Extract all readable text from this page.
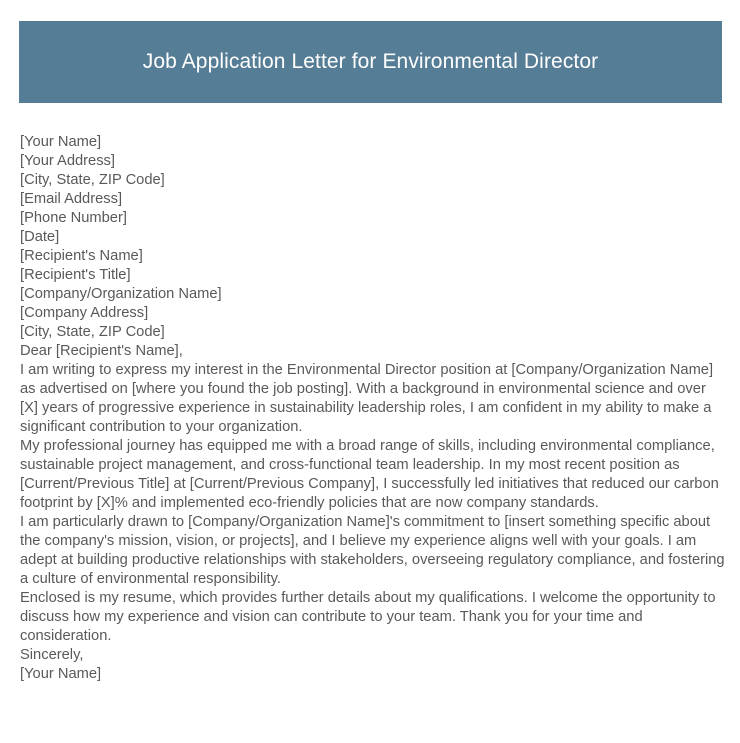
Job Application Letter for Environmental Director
[Your Name]
[Your Address]
[City, State, ZIP Code]
[Email Address]
[Phone Number]
[Date]
[Recipient's Name]
[Recipient's Title]
[Company/Organization Name]
[Company Address]
[City, State, ZIP Code]
Dear [Recipient's Name],

I am writing to express my interest in the Environmental Director position at [Company/Organization Name] as advertised on [where you found the job posting]. With a background in environmental science and over [X] years of progressive experience in sustainability leadership roles, I am confident in my ability to make a significant contribution to your organization.

My professional journey has equipped me with a broad range of skills, including environmental compliance, sustainable project management, and cross-functional team leadership. In my most recent position as [Current/Previous Title] at [Current/Previous Company], I successfully led initiatives that reduced our carbon footprint by [X]% and implemented eco-friendly policies that are now company standards.

I am particularly drawn to [Company/Organization Name]'s commitment to [insert something specific about the company's mission, vision, or projects], and I believe my experience aligns well with your goals. I am adept at building productive relationships with stakeholders, overseeing regulatory compliance, and fostering a culture of environmental responsibility.

Enclosed is my resume, which provides further details about my qualifications. I welcome the opportunity to discuss how my experience and vision can contribute to your team. Thank you for your time and consideration.

Sincerely,
[Your Name]
